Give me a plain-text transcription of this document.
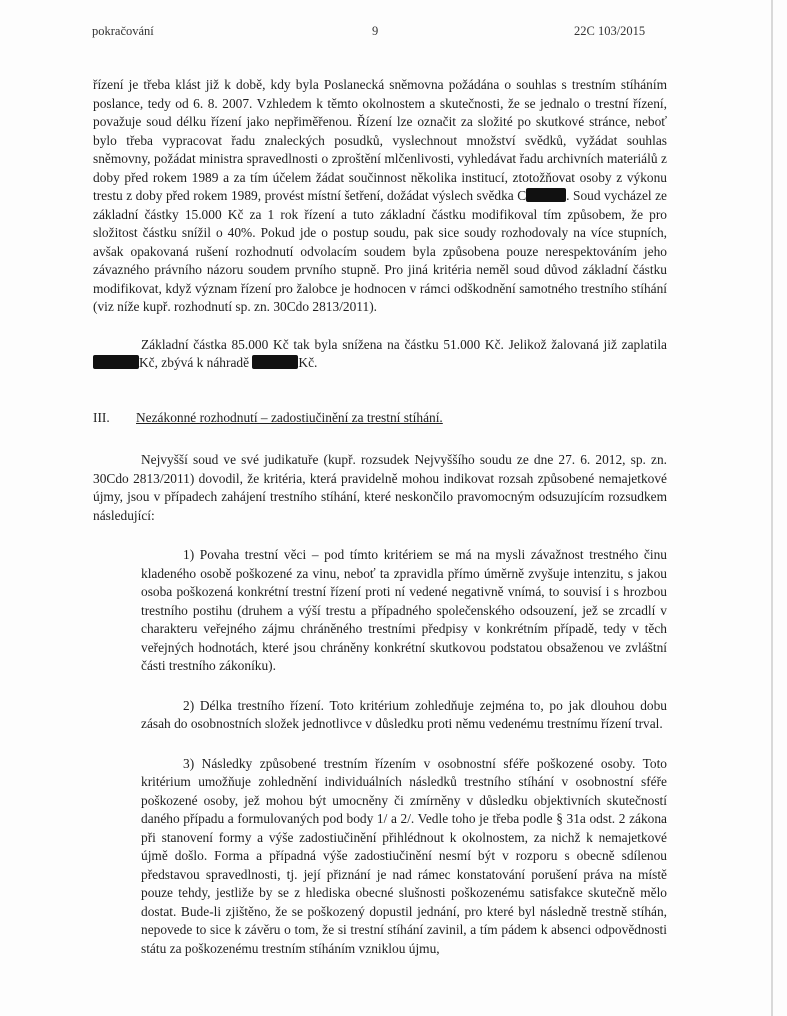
pokračování	9	22C 103/2015

řízení je třeba klást již k době, kdy byla Poslanecká sněmovna požádána o souhlas s trestním stíháním poslance, tedy od 6. 8. 2007. Vzhledem k těmto okolnostem a skutečnosti, že se jednalo o trestní řízení, považuje soud délku řízení jako nepřiměřenou. Řízení lze označit za složité po skutkové stránce, neboť bylo třeba vypracovat řadu znaleckých posudků, vyslechnout množství svědků, vyžádat souhlas sněmovny, požádat ministra spravedlnosti o zproštění mlčenlivosti, vyhledávat řadu archivních materiálů z doby před rokem 1989 a za tím účelem žádat součinnost několika institucí, ztotožňovat osoby z výkonu trestu z doby před rokem 1989, provést místní šetření, dožádat výslech svědka C	. Soud vycházel ze základní částky 15.000 Kč za 1 rok řízení a tuto základní částku modifikoval tím způsobem, že pro složitost částku snížil o 40%. Pokud jde o postup soudu, pak sice soudy rozhodovaly na více stupních, avšak opakovaná rušení rozhodnutí odvolacím soudem byla způsobena pouze nerespektováním jeho závazného právního názoru soudem prvního stupně. Pro jiná kritéria neměl soud důvod základní částku modifikovat, když význam řízení pro žalobce je hodnocen v rámci odškodnění samotného trestního stíhání (viz níže kupř. rozhodnutí sp. zn. 30Cdo 2813/2011).

Základní částka 85.000 Kč tak byla snížena na částku 51.000 Kč. Jelikož žalovaná již zaplatila Kč, zbývá k náhradě	Kč.

III.	Nezákonné rozhodnutí – zadostiučinění za trestní stíhání.

Nejvyšší soud ve své judikatuře (kupř. rozsudek Nejvyššího soudu ze dne 27. 6. 2012, sp. zn. 30Cdo 2813/2011) dovodil, že kritéria, která pravidelně mohou indikovat rozsah způsobené nemajetkové újmy, jsou v případech zahájení trestního stíhání, které neskončilo pravomocným odsuzujícím rozsudkem následující:

1) Povaha trestní věci – pod tímto kritériem se má na mysli závažnost trestného činu kladeného osobě poškozené za vinu, neboť ta zpravidla přímo úměrně zvyšuje intenzitu, s jakou osoba poškozená konkrétní trestní řízení proti ní vedené negativně vnímá, to souvisí i s hrozbou trestního postihu (druhem a výší trestu a případného společenského odsouzení, jež se zrcadlí v charakteru veřejného zájmu chráněného trestními předpisy v konkrétním případě, tedy v těch veřejných hodnotách, které jsou chráněny konkrétní skutkovou podstatou obsaženou ve zvláštní části trestního zákoníku).

2) Délka trestního řízení. Toto kritérium zohledňuje zejména to, po jak dlouhou dobu zásah do osobnostních složek jednotlivce v důsledku proti němu vedenému trestnímu řízení trval.

3) Následky způsobené trestním řízením v osobnostní sféře poškozené osoby. Toto kritérium umožňuje zohlednění individuálních následků trestního stíhání v osobnostní sféře poškozené osoby, jež mohou být umocněny či zmírněny v důsledku objektivních skutečností daného případu a formulovaných pod body 1/ a 2/. Vedle toho je třeba podle § 31a odst. 2 zákona při stanovení formy a výše zadostiučinění přihlédnout k okolnostem, za nichž k nemajetkové újmě došlo. Forma a případná výše zadostiučinění nesmí být v rozporu s obecně sdílenou představou spravedlnosti, tj. její přiznání je nad rámec konstatování porušení práva na místě pouze tehdy, jestliže by se z hlediska obecné slušnosti poškozenému satisfakce skutečně mělo dostat. Bude-li zjištěno, že se poškozený dopustil jednání, pro které byl následně trestně stíhán, nepovede to sice k závěru o tom, že si trestní stíhání zavinil, a tím pádem k absenci odpovědnosti státu za poškozenému trestním stíháním vzniklou újmu,
